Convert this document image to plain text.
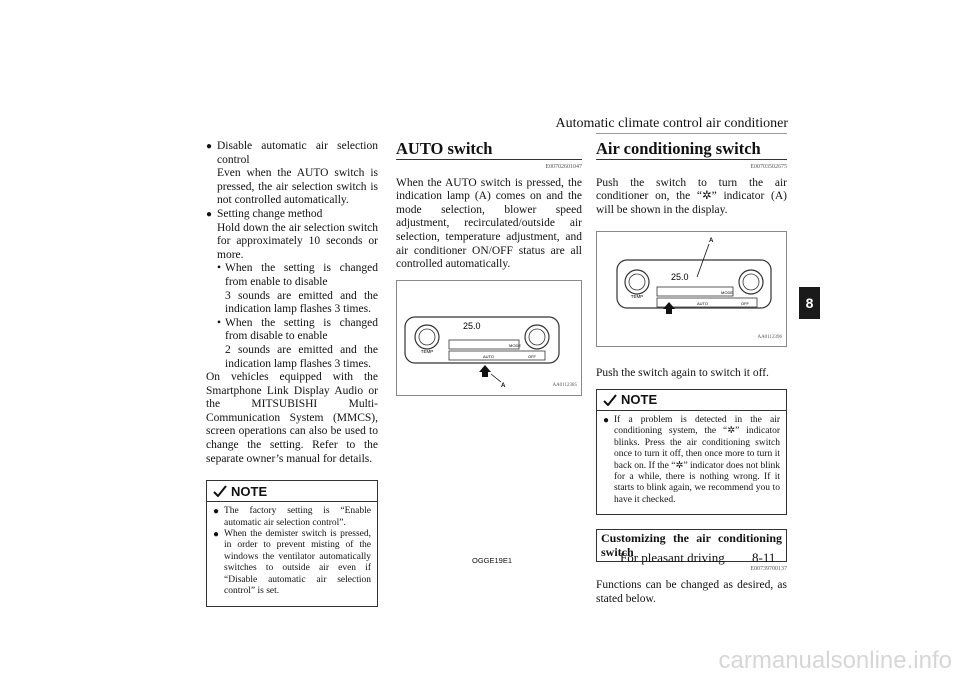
Automatic climate control air conditioner
● Disable automatic air selection control
Even when the AUTO switch is pressed, the air selection switch is not controlled automatically.
● Setting change method
Hold down the air selection switch for approximately 10 seconds or more.
• When the setting is changed from enable to disable
3 sounds are emitted and the indication lamp flashes 3 times.
• When the setting is changed from disable to enable
2 sounds are emitted and the indication lamp flashes 3 times.
On vehicles equipped with the Smartphone Link Display Audio or the MITSUBISHI Multi-Communication System (MMCS), screen operations can also be used to change the setting. Refer to the separate owner’s manual for details.
NOTE
● The factory setting is “Enable automatic air selection control”.
● When the demister switch is pressed, in order to prevent misting of the windows the ventilator automatically switches to outside air even if “Disable automatic air selection control” is set.
AUTO switch
E00702601047
When the AUTO switch is pressed, the indication lamp (A) comes on and the mode selection, blower speed adjustment, recirculated/outside air selection, temperature adjustment, and air conditioner ON/OFF status are all controlled automatically.
TEMP
25.0
MODE
AUTO	OFF
A	AA0112385
Air conditioning switch
E00703502675
Push the switch to turn the air conditioner on, the “✲” indicator (A) will be shown in the display.
TEMP
25.0
MODE
AUTO	OFF
A
AA0112396
Push the switch again to switch it off.
NOTE
● If a problem is detected in the air conditioning system, the “✲” indicator blinks. Press the air conditioning switch once to turn it off, then once more to turn it back on. If the “✲” indicator does not blink for a while, there is nothing wrong. If it starts to blink again, we recommend you to have it checked.
Customizing the air conditioning switch
E00739700137
Functions can be changed as desired, as stated below.
8
OGGE19E1	For pleasant driving 8-11
carmanualsonline.info
